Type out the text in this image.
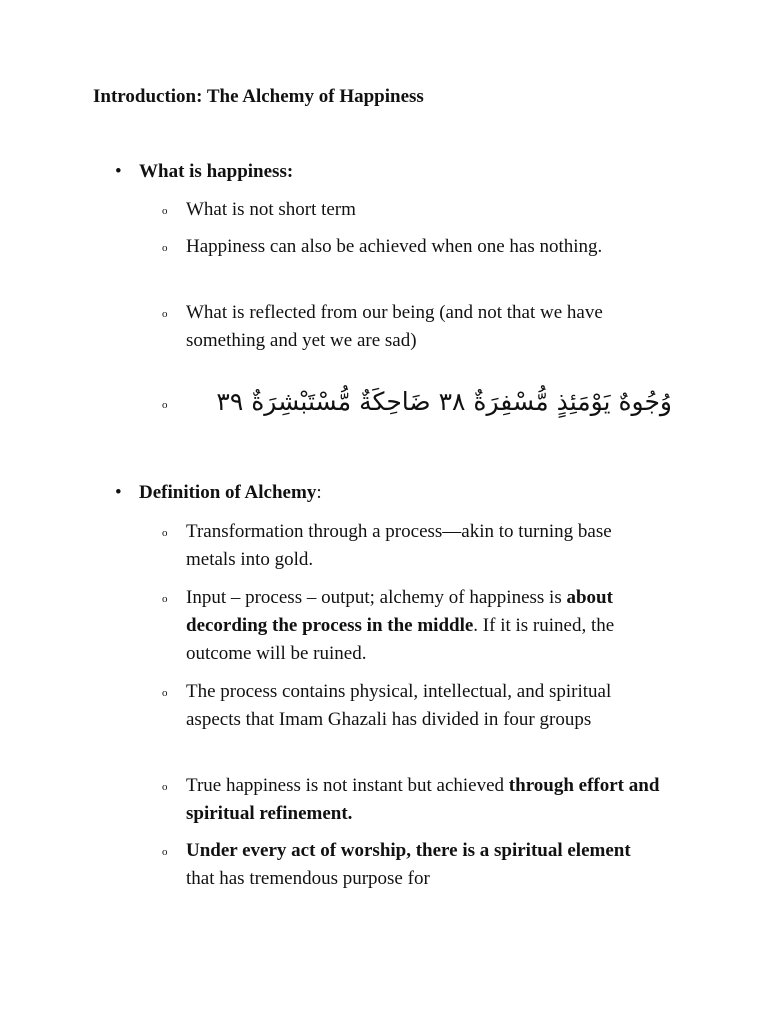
Introduction: The Alchemy of Happiness
• What is happiness:
o What is not short term
o Happiness can also be achieved when one has nothing.
o What is reflected from our being (and not that we have something and yet we are sad)
o	وُجُوهٌ يَوْمَئِذٍ مُّسْفِرَةٌ ٣٨ ضَاحِكَةٌ مُّسْتَبْشِرَةٌ ٣٩
• Definition of Alchemy:
o Transformation through a process—akin to turning base metals into gold.
o Input – process – output; alchemy of happiness is about decording the process in the middle. If it is ruined, the outcome will be ruined.
o The process contains physical, intellectual, and spiritual aspects that Imam Ghazali has divided in four groups
o True happiness is not instant but achieved through effort and spiritual refinement.
o Under every act of worship, there is a spiritual element that has tremendous purpose for
